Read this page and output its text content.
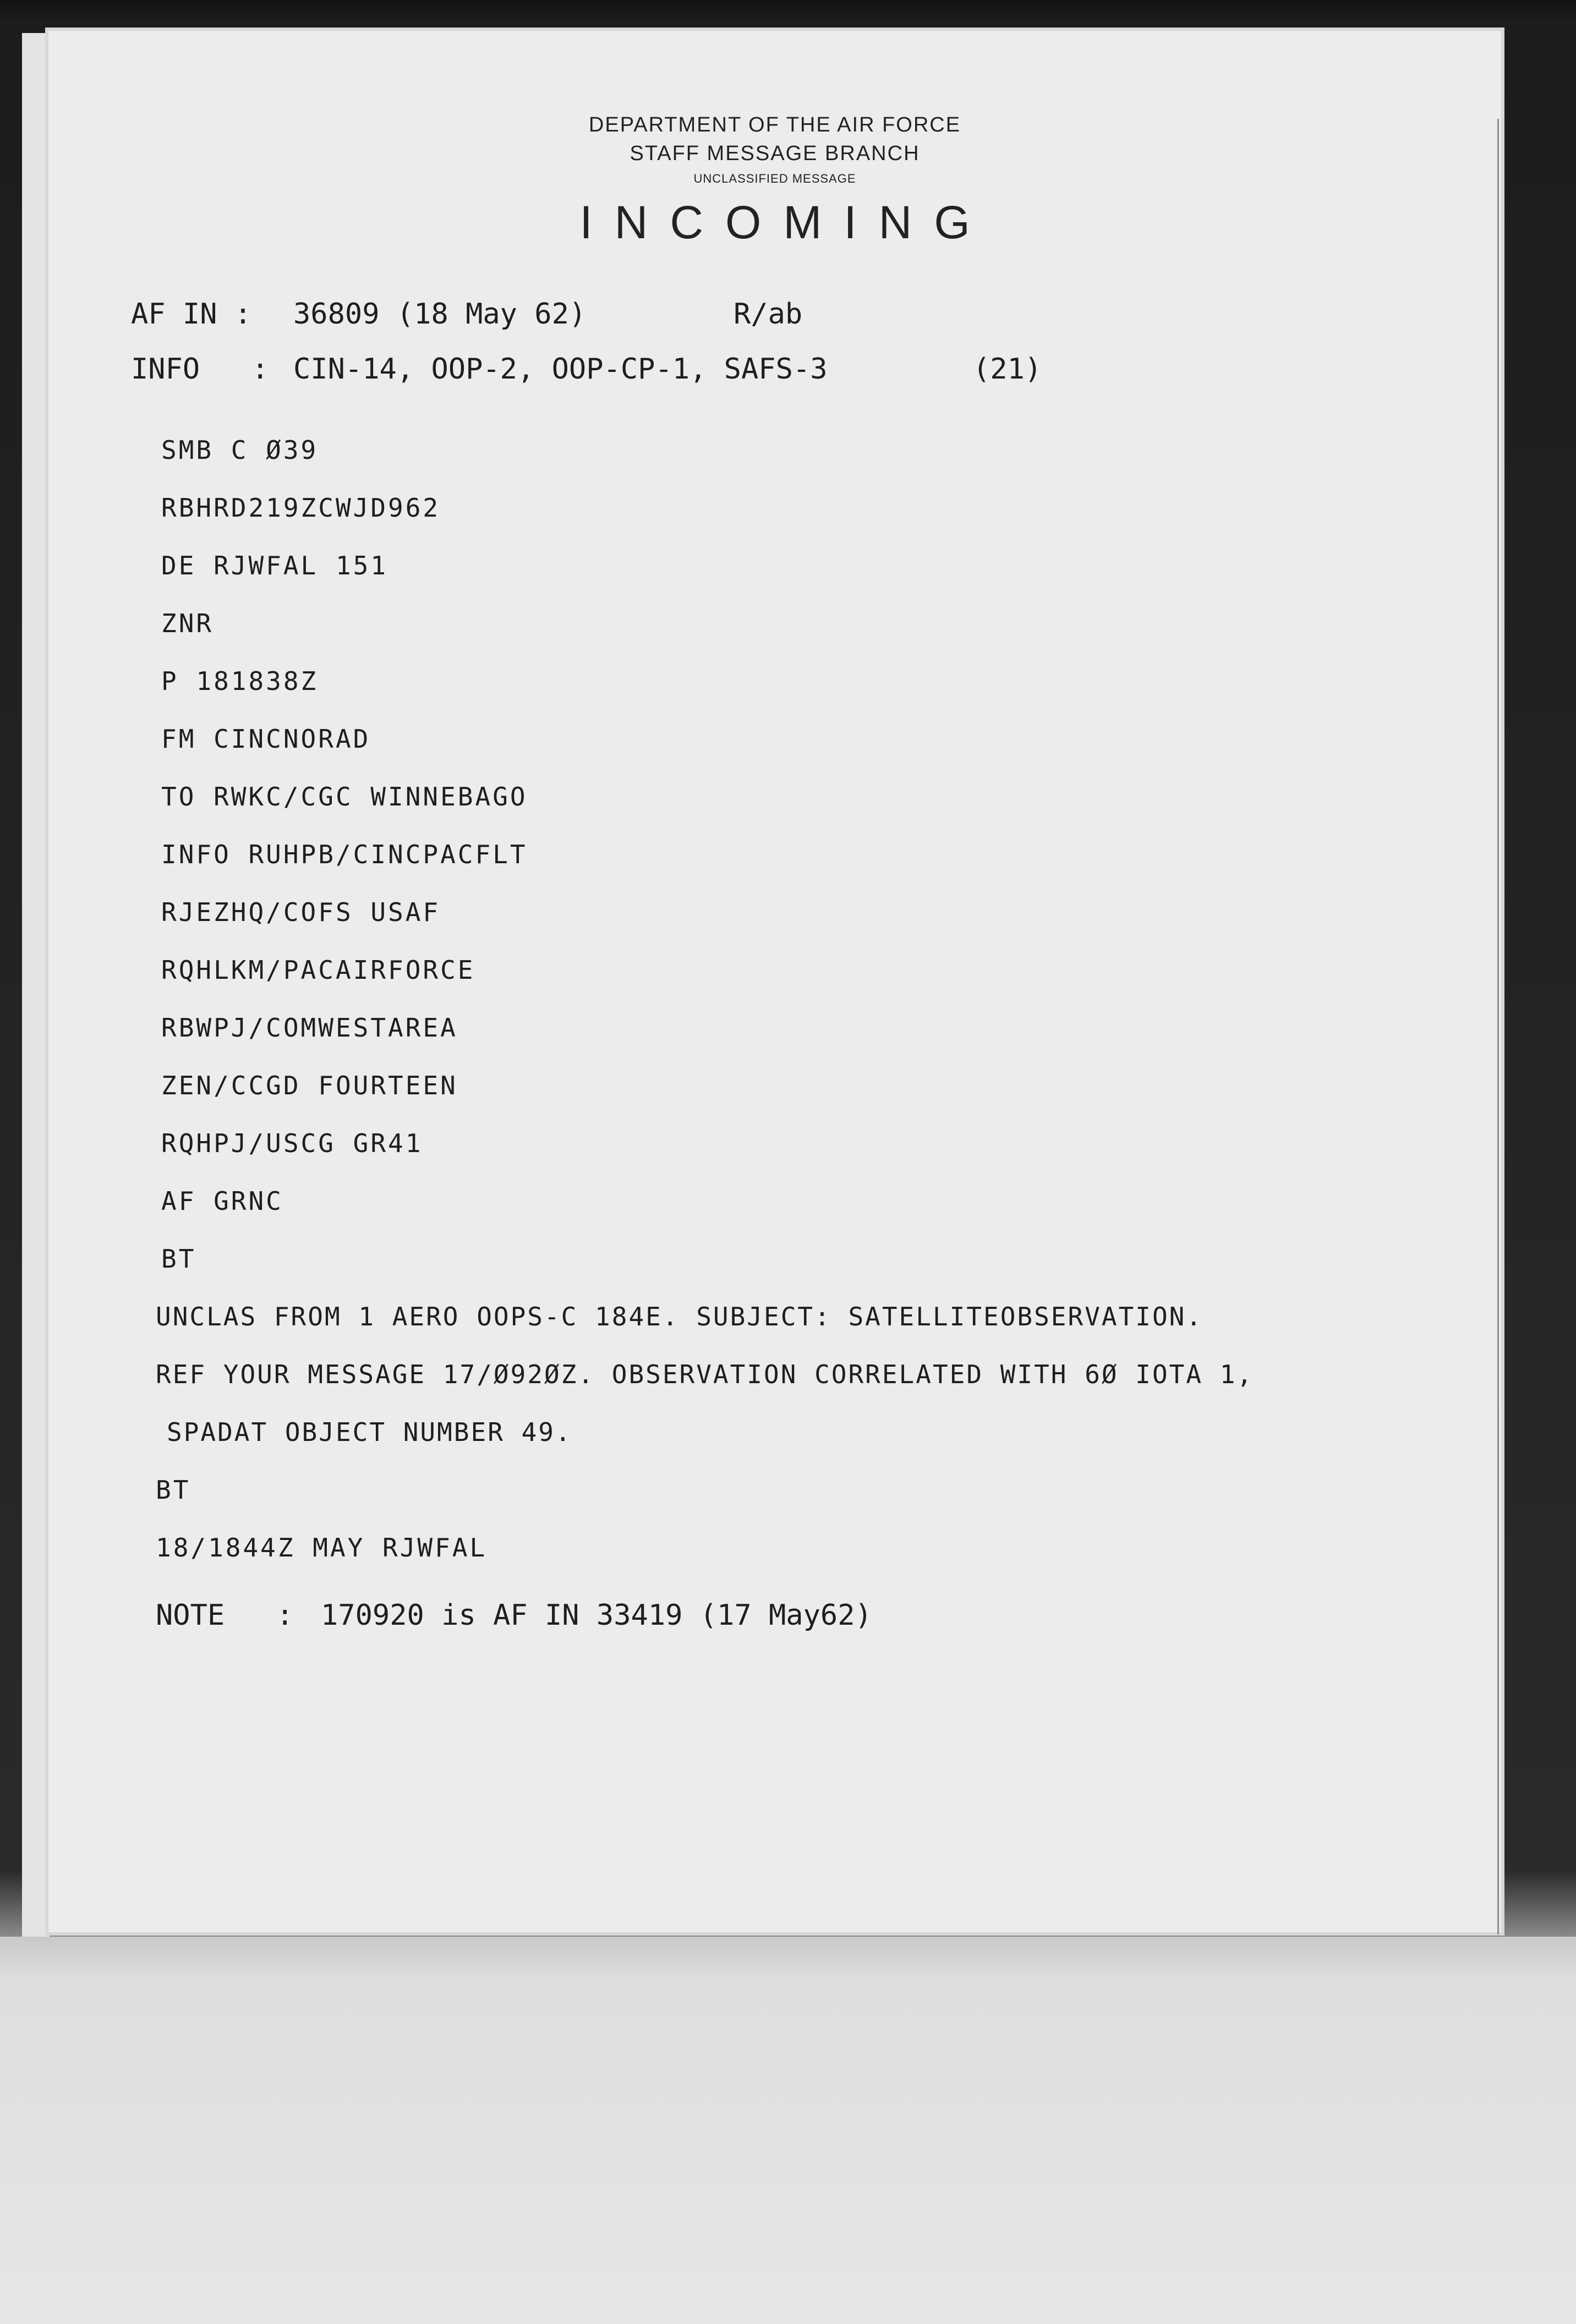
DEPARTMENT OF THE AIR FORCE

STAFF MESSAGE BRANCH

UNCLASSIFIED MESSAGE

INCOMING

AF IN : 36809 (18 May 62)	R/ab

INFO   : CIN-14, OOP-2, OOP-CP-1, SAFS-3	(21)

SMB C Ø39

RBHRD219ZCWJD962

DE RJWFAL 151

ZNR

P 181838Z

FM CINCNORAD

TO RWKC/CGC WINNEBAGO

INFO RUHPB/CINCPACFLT

RJEZHQ/COFS USAF

RQHLKM/PACAIRFORCE

RBWPJ/COMWESTAREA

ZEN/CCGD FOURTEEN

RQHPJ/USCG GR41

AF GRNC

BT

UNCLAS FROM 1 AERO OOPS-C 184E. SUBJECT: SATELLITEOBSERVATION.

REF YOUR MESSAGE 17/Ø92ØZ. OBSERVATION CORRELATED WITH 6Ø IOTA 1,

SPADAT OBJECT NUMBER 49.

BT

18/1844Z MAY RJWFAL

NOTE   : 170920 is AF IN 33419 (17 May62)
